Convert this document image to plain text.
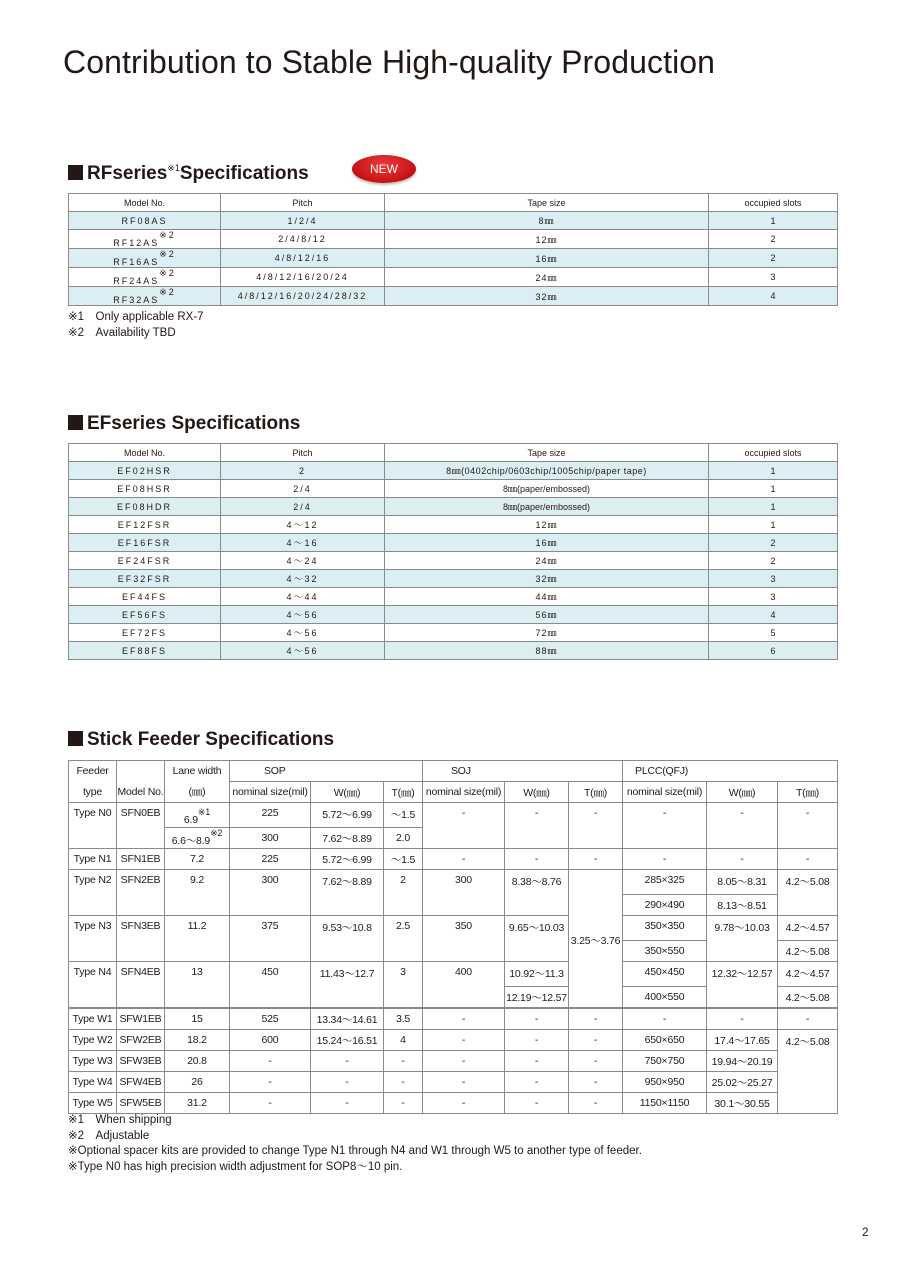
Contribution to Stable High-quality Production
RFseries$^{※1}$Specifications	NEW
Model No.	Pitch	Tape size	occupied slots
RF08AS	1/2/4	8㎜	1
RF12AS$^{※2}$	2/4/8/12	12㎜	2
RF16AS$^{※2}$	4/8/12/16	16㎜	2
RF24AS$^{※2}$	4/8/12/16/20/24	24㎜	3
RF32AS$^{※2}$	4/8/12/16/20/24/28/32	32㎜	4
※1　Only applicable RX-7
※2　Availability TBD
EFseries Specifications
Model No.	Pitch	Tape size	occupied slots
EF02HSR	2	8㎜(0402chip/0603chip/1005chip/paper tape)	1
EF08HSR	2/4	8㎜(paper/embossed)	1
EF08HDR	2/4	8㎜(paper/embossed)	1
EF12FSR	4～12	12㎜	1
EF16FSR	4～16	16㎜	2
EF24FSR	4～24	24㎜	2
EF32FSR	4～32	32㎜	3
EF44FS	4～44	44㎜	3
EF56FS	4～56	56㎜	4
EF72FS	4～56	72㎜	5
EF88FS	4～56	88㎜	6
Stick Feeder Specifications
Feeder		Lane width	SOP			SOJ			PLCC(QFJ)		
type	Model No.	(㎜)	nominal size(mil)	W(㎜)	T(㎜)	nominal size(mil)	W(㎜)	T(㎜)	nominal size(mil)	W(㎜)	T(㎜)
Type N0	SFN0EB	6.9$^{※1}$	225	5.72～6.99	～1.5	-	-	-	-	-	-
		6.6～8.9$^{※2}$	300	7.62～8.89	2.0						
Type N1	SFN1EB	7.2	225	5.72～6.99	～1.5	-	-	-	-	-	-
Type N2	SFN2EB	9.2	300	7.62～8.89	2	300	8.38～8.76	3.25～3.76	285×325	8.05～8.31	4.2～5.08
									290×490	8.13～8.51	
Type N3	SFN3EB	11.2	375	9.53～10.8	2.5	350	9.65～10.03		350×350	9.78～10.03	4.2～4.57
									350×550		4.2～5.08
Type N4	SFN4EB	13	450	11.43～12.7	3	400	10.92～11.3		450×450	12.32～12.57	4.2～4.57
							12.19～12.57		400×550		4.2～5.08
Type W1	SFW1EB	15	525	13.34～14.61	3.5	-	-	-	-	-	-
Type W2	SFW2EB	18.2	600	15.24～16.51	4	-	-	-	650×650	17.4～17.65	4.2～5.08
Type W3	SFW3EB	20.8	-	-	-	-	-	-	750×750	19.94～20.19	
Type W4	SFW4EB	26	-	-	-	-	-	-	950×950	25.02～25.27	
Type W5	SFW5EB	31.2	-	-	-	-	-	-	1150×1150	30.1～30.55	
※1　When shipping
※2　Adjustable
※Optional spacer kits are provided to change Type N1 through N4 and W1 through W5 to another type of feeder.
※Type N0 has high precision width adjustment for SOP8～10 pin.
2
